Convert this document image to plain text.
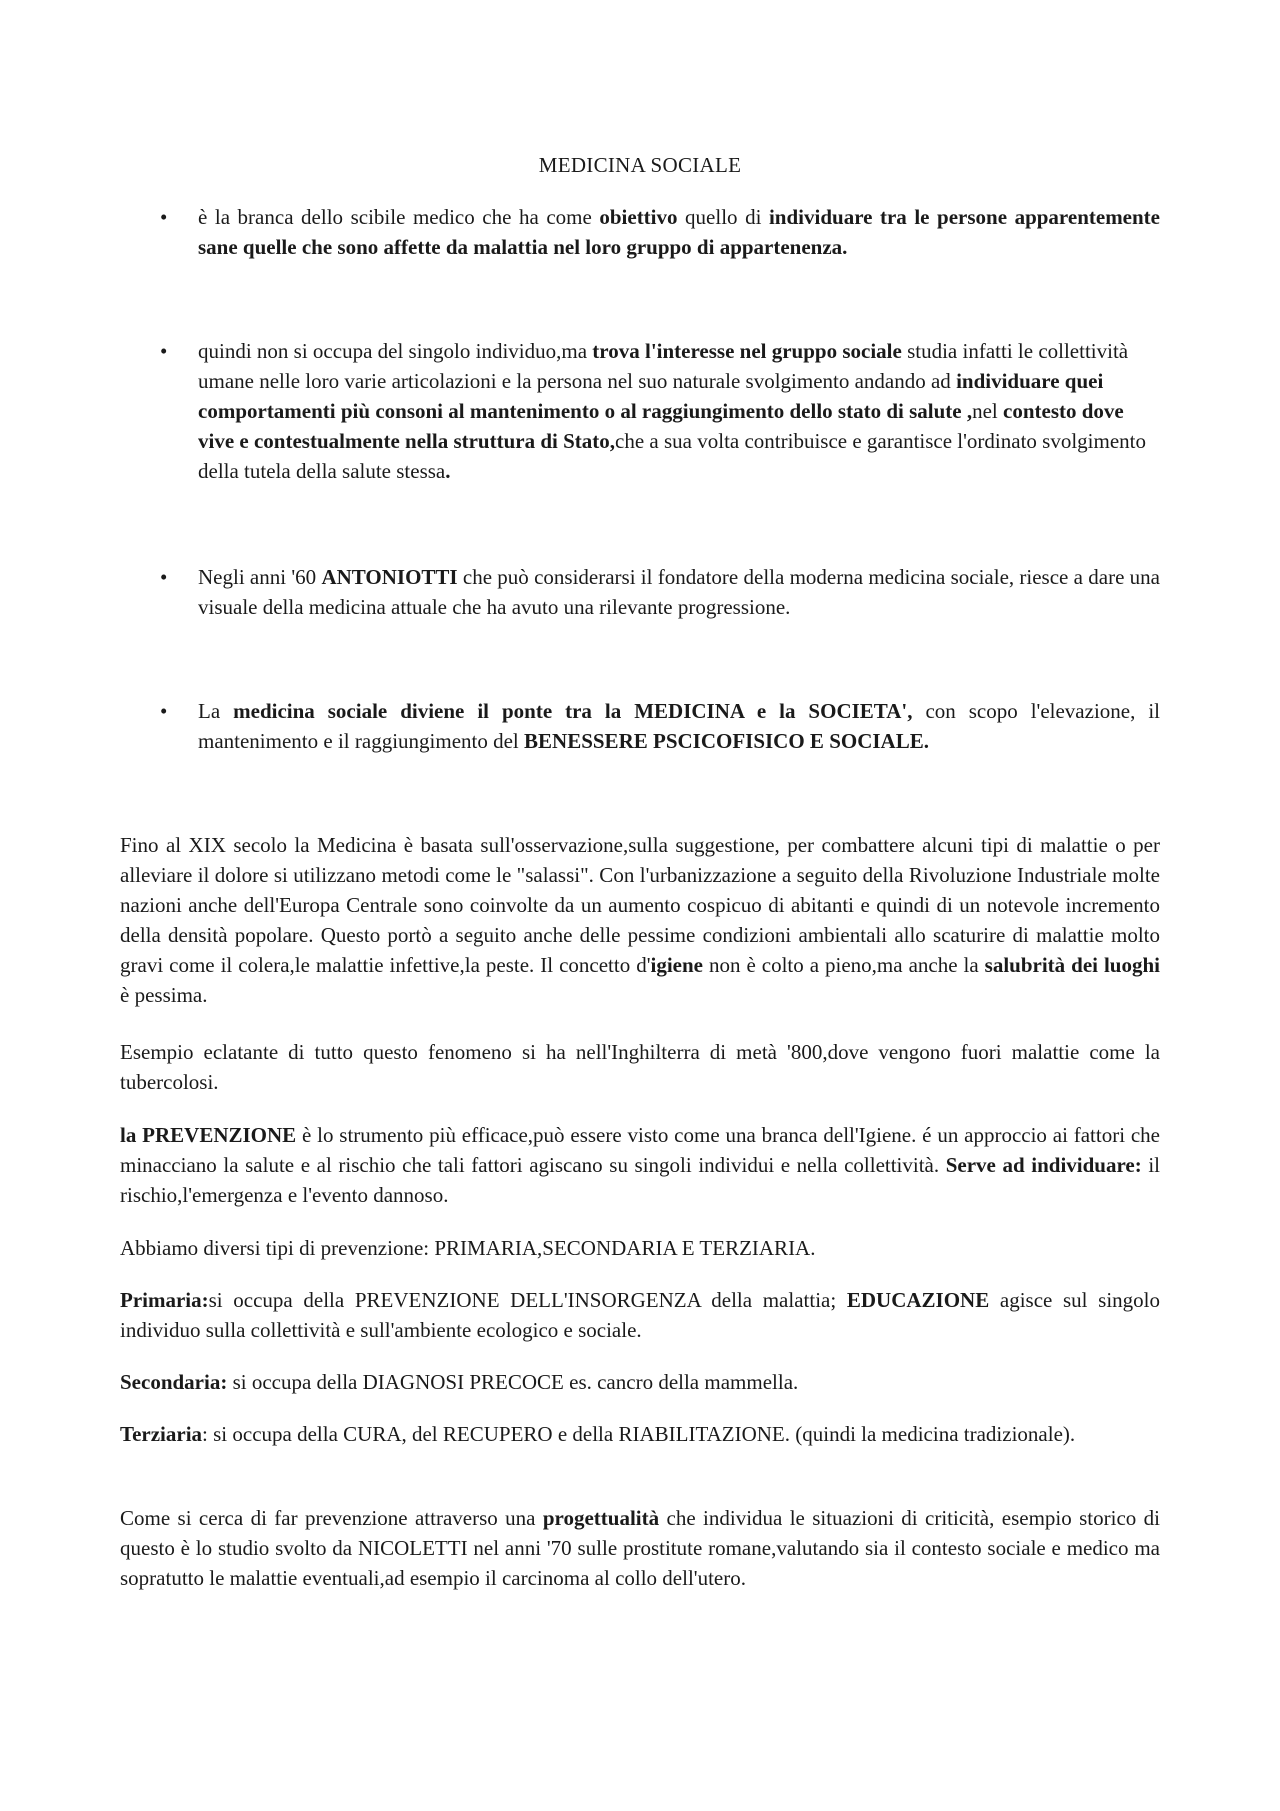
MEDICINA SOCIALE
•	è la branca dello scibile medico che ha come obiettivo quello di individuare tra le persone apparentemente sane quelle che sono affette da malattia nel loro gruppo di appartenenza.
•	quindi non si occupa del singolo individuo,ma trova l'interesse nel gruppo sociale studia infatti le collettività umane nelle loro varie articolazioni e la persona nel suo naturale svolgimento andando ad individuare quei comportamenti più consoni al mantenimento o al raggiungimento dello stato di salute ,nel contesto dove vive e contestualmente nella struttura di Stato,che a sua volta contribuisce e garantisce l'ordinato svolgimento della tutela della salute stessa.
•	Negli anni '60 ANTONIOTTI che può considerarsi il fondatore della moderna medicina sociale, riesce a dare una visuale della medicina attuale che ha avuto una rilevante progressione.
•	La medicina sociale diviene il ponte tra la MEDICINA e la SOCIETA', con scopo l'elevazione, il mantenimento e il raggiungimento del BENESSERE PSCICOFISICO E SOCIALE.
Fino al XIX secolo la Medicina è basata sull'osservazione,sulla suggestione, per combattere alcuni tipi di malattie o per alleviare il dolore si utilizzano metodi come le "salassi". Con l'urbanizzazione a seguito della Rivoluzione Industriale molte nazioni anche dell'Europa Centrale sono coinvolte da un aumento cospicuo di abitanti e quindi di un notevole incremento della densità popolare. Questo portò a seguito anche delle pessime condizioni ambientali allo scaturire di malattie molto gravi come il colera,le malattie infettive,la peste. Il concetto d'igiene non è colto a pieno,ma anche la salubrità dei luoghi è pessima.
Esempio eclatante di tutto questo fenomeno si ha nell'Inghilterra di metà '800,dove vengono fuori malattie come la tubercolosi.
la PREVENZIONE è lo strumento più efficace,può essere visto come una branca dell'Igiene. é un approccio ai fattori che minacciano la salute e al rischio che tali fattori agiscano su singoli individui e nella collettività. Serve ad individuare: il rischio,l'emergenza e l'evento dannoso.
Abbiamo diversi tipi di prevenzione: PRIMARIA,SECONDARIA E TERZIARIA.
Primaria:si occupa della PREVENZIONE DELL'INSORGENZA della malattia; EDUCAZIONE agisce sul singolo individuo sulla collettività e sull'ambiente ecologico e sociale.
Secondaria: si occupa della DIAGNOSI PRECOCE es. cancro della mammella.
Terziaria: si occupa della CURA, del RECUPERO e della RIABILITAZIONE. (quindi la medicina tradizionale).
Come si cerca di far prevenzione attraverso una progettualità che individua le situazioni di criticità, esempio storico di questo è lo studio svolto da NICOLETTI nel anni '70 sulle prostitute romane,valutando sia il contesto sociale e medico ma sopratutto le malattie eventuali,ad esempio il carcinoma al collo dell'utero.
